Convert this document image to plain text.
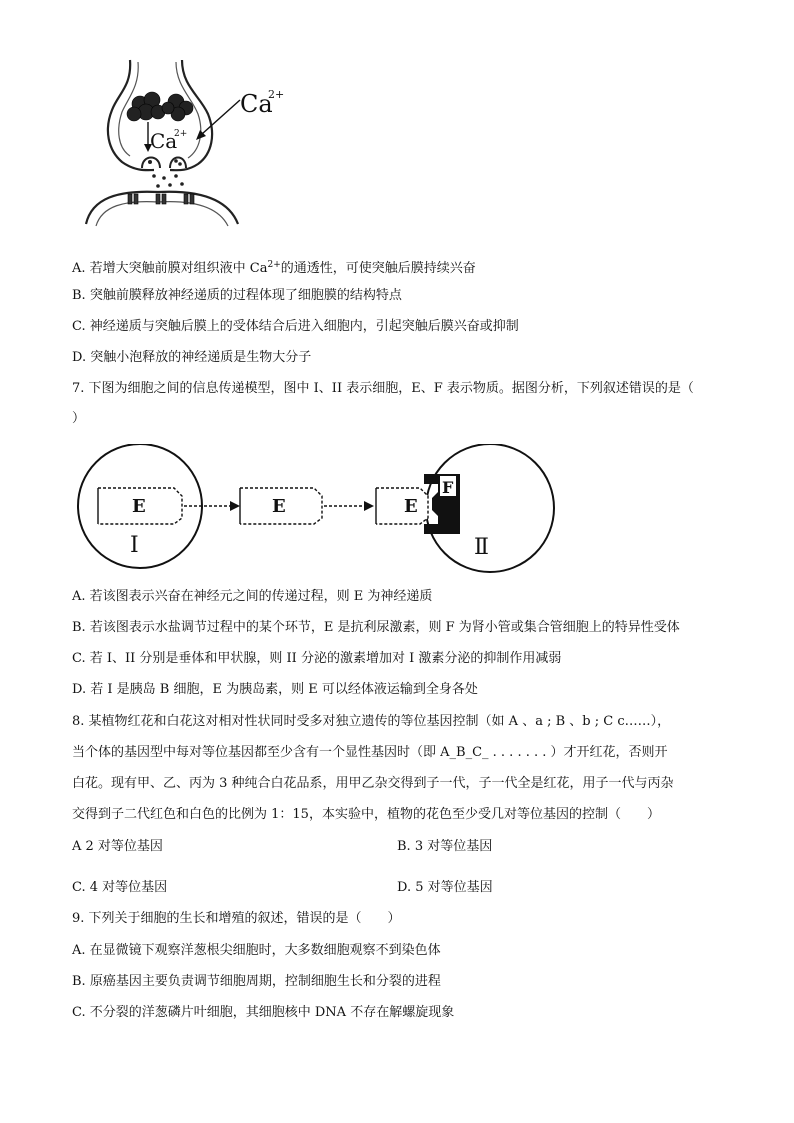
Ca
2+
Ca
2+
A. 若增大突触前膜对组织液中 $Ca^{2+}$的通透性，可使突触后膜持续兴奋
B. 突触前膜释放神经递质的过程体现了细胞膜的结构特点
C. 神经递质与突触后膜上的受体结合后进入细胞内，引起突触后膜兴奋或抑制
D. 突触小泡释放的神经递质是生物大分子
7. 下图为细胞之间的信息传递模型，图中 I、II 表示细胞，E、F 表示物质。据图分析，下列叙述错误的是（
）
E
I
E	E
F
Ⅱ
A. 若该图表示兴奋在神经元之间的传递过程，则 E 为神经递质
B. 若该图表示水盐调节过程中的某个环节，E 是抗利尿激素，则 F 为肾小管或集合管细胞上的特异性受体
C. 若 I、II 分别是垂体和甲状腺，则 II 分泌的激素增加对 I 激素分泌的抑制作用减弱
D. 若 I 是胰岛 B 细胞，E 为胰岛素，则 E 可以经体液运输到全身各处
8. 某植物红花和白花这对相对性状同时受多对独立遗传的等位基因控制（如 A 、a ; B 、b ; C c……），
当个体的基因型中每对等位基因都至少含有一个显性基因时（即 A_B_C_ . . . . . . . ）才开红花，否则开
白花。现有甲、乙、丙为 3 种纯合白花品系，用甲乙杂交得到子一代，子一代全是红花，用子一代与丙杂
交得到子二代红色和白色的比例为 1：15，本实验中，植物的花色至少受几对等位基因的控制（　　）
A 2 对等位基因	B. 3 对等位基因
C. 4 对等位基因	D. 5 对等位基因
9. 下列关于细胞的生长和增殖的叙述，错误的是（　　）
A. 在显微镜下观察洋葱根尖细胞时，大多数细胞观察不到染色体
B. 原癌基因主要负责调节细胞周期，控制细胞生长和分裂的进程
C. 不分裂的洋葱磷片叶细胞，其细胞核中 DNA 不存在解螺旋现象
